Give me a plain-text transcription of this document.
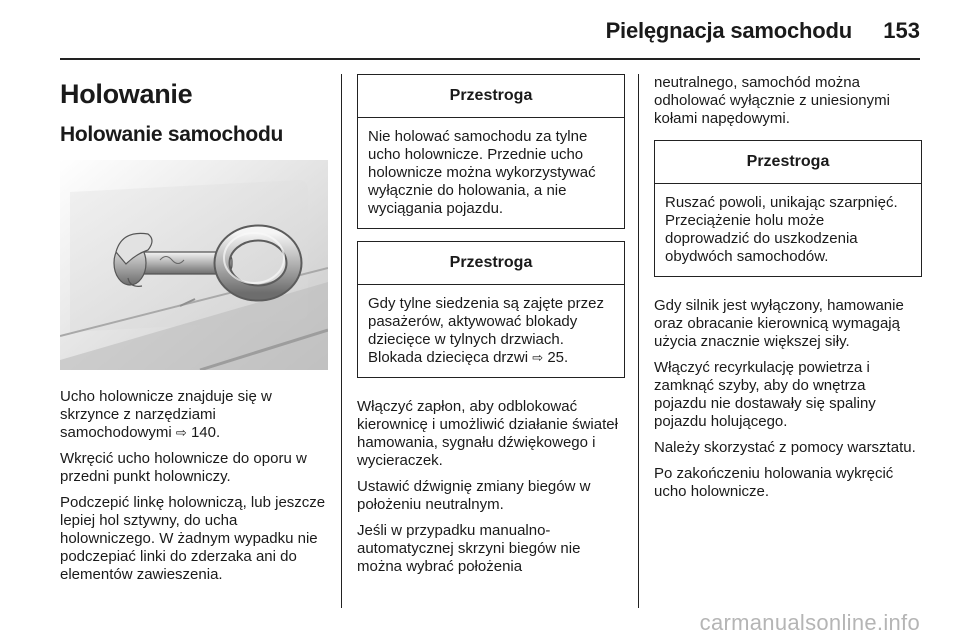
Pielęgnacja samochodu 153
Holowanie
Holowanie samochodu

Ucho holownicze znajduje się w skrzynce z narzędziami samochodowymi ⇨ 140.

Wkręcić ucho holownicze do oporu w przedni punkt holowniczy.

Podczepić linkę holowniczą, lub jeszcze lepiej hol sztywny, do ucha holowniczego. W żadnym wypadku nie podczepiać linki do zderzaka ani do elementów zawieszenia.

Przestroga
Nie holować samochodu za tylne ucho holownicze. Przednie ucho holownicze można wykorzystywać wyłącznie do holowania, a nie wyciągania pojazdu.
Przestroga
Gdy tylne siedzenia są zajęte przez pasażerów, aktywować blokady dziecięce w tylnych drzwiach. Blokada dziecięca drzwi ⇨ 25.

Włączyć zapłon, aby odblokować kierownicę i umożliwić działanie świateł hamowania, sygnału dźwiękowego i wycieraczek.

Ustawić dźwignię zmiany biegów w położeniu neutralnym.

Jeśli w przypadku manualno-automatycznej skrzyni biegów nie można wybrać położenia

neutralnego, samochód można odholować wyłącznie z uniesionymi kołami napędowymi.

Przestroga
Ruszać powoli, unikając szarpnięć. Przeciążenie holu może doprowadzić do uszkodzenia obydwóch samochodów.

Gdy silnik jest wyłączony, hamowanie oraz obracanie kierownicą wymagają użycia znacznie większej siły.

Włączyć recyrkulację powietrza i zamknąć szyby, aby do wnętrza pojazdu nie dostawały się spaliny pojazdu holującego.

Należy skorzystać z pomocy warsztatu.

Po zakończeniu holowania wykręcić ucho holownicze.

carmanualsonline.info
